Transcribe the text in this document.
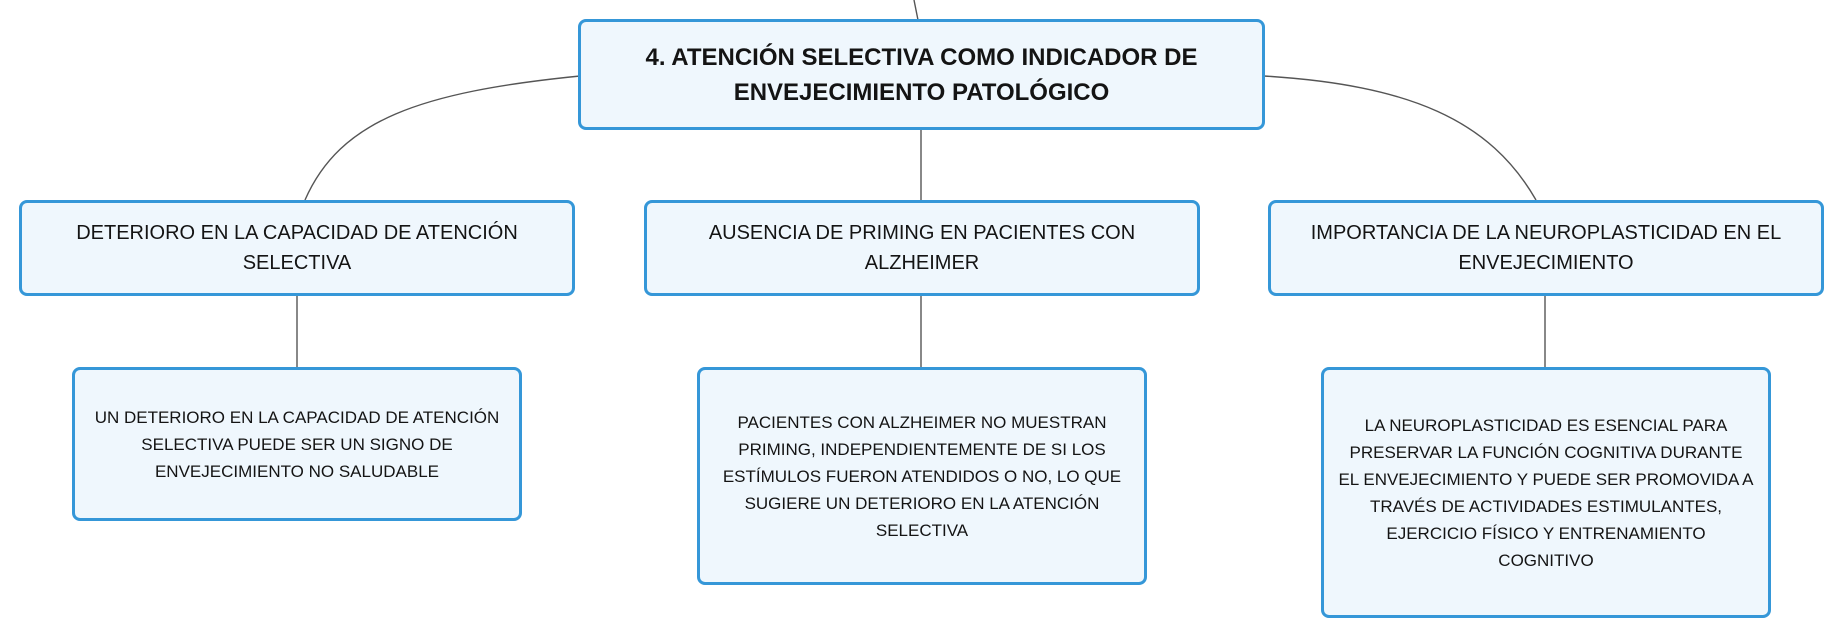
4. ATENCIÓN SELECTIVA COMO INDICADOR DE ENVEJECIMIENTO PATOLÓGICO
DETERIORO EN LA CAPACIDAD DE ATENCIÓN SELECTIVA
AUSENCIA DE PRIMING EN PACIENTES CON ALZHEIMER
IMPORTANCIA DE LA NEUROPLASTICIDAD EN EL ENVEJECIMIENTO
UN DETERIORO EN LA CAPACIDAD DE ATENCIÓN SELECTIVA PUEDE SER UN SIGNO DE ENVEJECIMIENTO NO SALUDABLE
PACIENTES CON ALZHEIMER NO MUESTRAN PRIMING, INDEPENDIENTEMENTE DE SI LOS ESTÍMULOS FUERON ATENDIDOS O NO, LO QUE SUGIERE UN DETERIORO EN LA ATENCIÓN SELECTIVA
LA NEUROPLASTICIDAD ES ESENCIAL PARA PRESERVAR LA FUNCIÓN COGNITIVA DURANTE EL ENVEJECIMIENTO Y PUEDE SER PROMOVIDA A TRAVÉS DE ACTIVIDADES ESTIMULANTES, EJERCICIO FÍSICO Y ENTRENAMIENTO COGNITIVO
